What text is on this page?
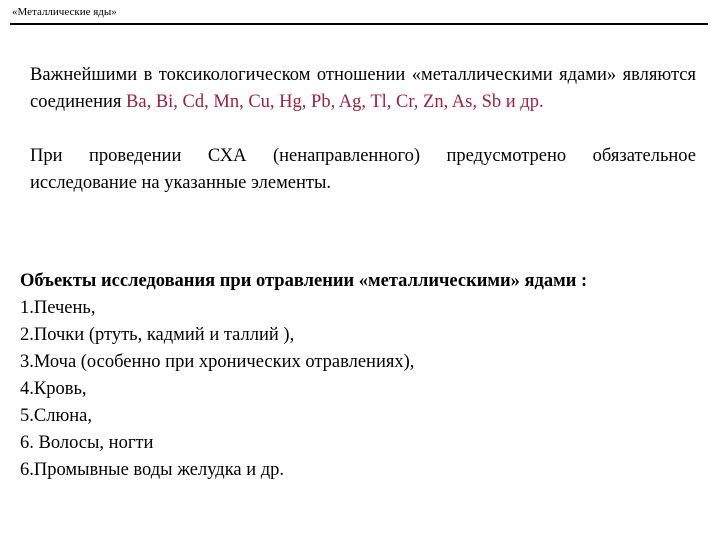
«Металлические яды»

Важнейшими в токсикологическом отношении «металлическими ядами» являются соединения Ba, Bi, Cd, Mn, Cu, Hg, Pb, Ag, Tl, Cr, Zn, As, Sb и др.

При проведении СХА (ненаправленного) предусмотрено обязательное исследование на указанные элементы.

Объекты исследования при отравлении «металлическими» ядами :

1.Печень,
2.Почки (ртуть, кадмий и таллий ),
3.Моча (особенно при хронических отравлениях),
4.Кровь,
5.Слюна,
6. Волосы, ногти
6.Промывные воды желудка и др.
